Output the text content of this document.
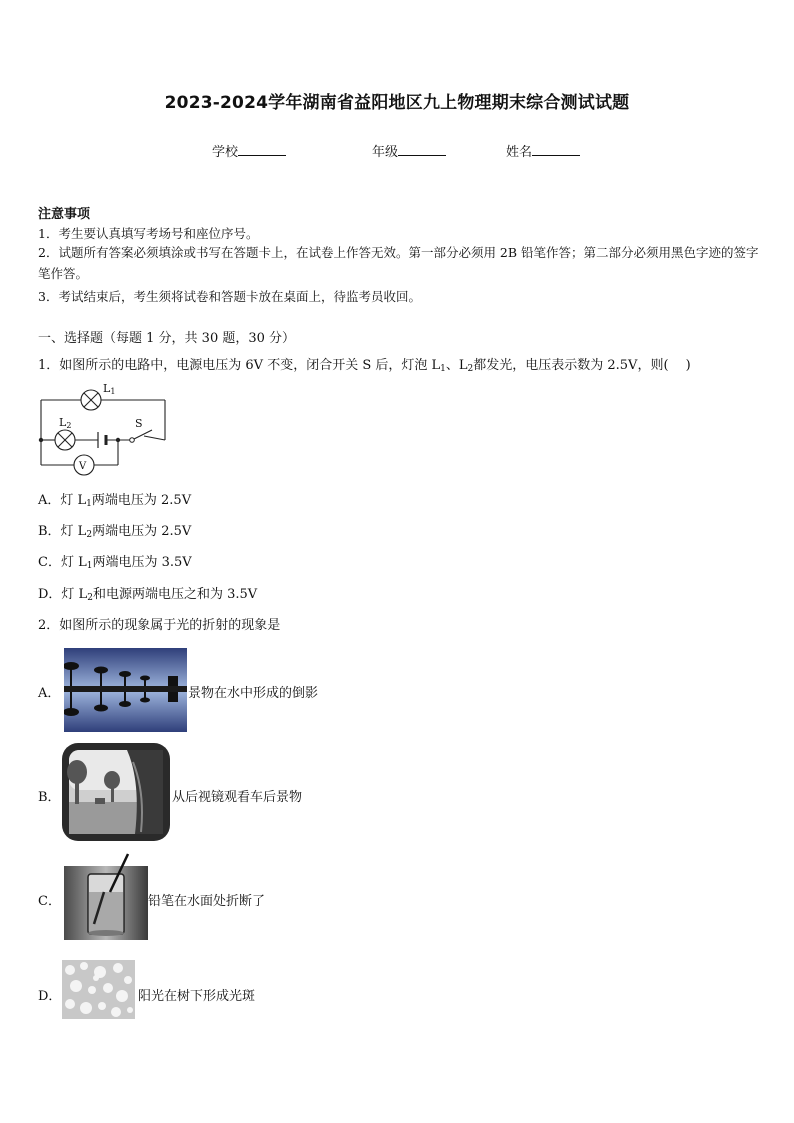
2023-2024学年湖南省益阳地区九上物理期末综合测试试题
学校	年级	姓名
注意事项
1．考生要认真填写考场号和座位序号。
2．试题所有答案必须填涂或书写在答题卡上，在试卷上作答无效。第一部分必须用 2B 铅笔作答；第二部分必须用黑色字迹的签字笔作答。
3．考试结束后，考生须将试卷和答题卡放在桌面上，待监考员收回。
一、选择题（每题 1 分，共 30 题，30 分）
1．如图所示的电路中，电源电压为 6V 不变，闭合开关 S 后，灯泡 $L_1$、$L_2$都发光，电压表示数为 2.5V，则(　 )
L1
L2	S
V
A．灯 $L_1$两端电压为 2.5V
B．灯 $L_2$两端电压为 2.5V
C．灯 $L_1$两端电压为 3.5V
D．灯 $L_2$和电源两端电压之和为 3.5V
2．如图所示的现象属于光的折射的现象是
A．	景物在水中形成的倒影
B．	从后视镜观看车后景物
C．	铅笔在水面处折断了
D．	阳光在树下形成光斑
